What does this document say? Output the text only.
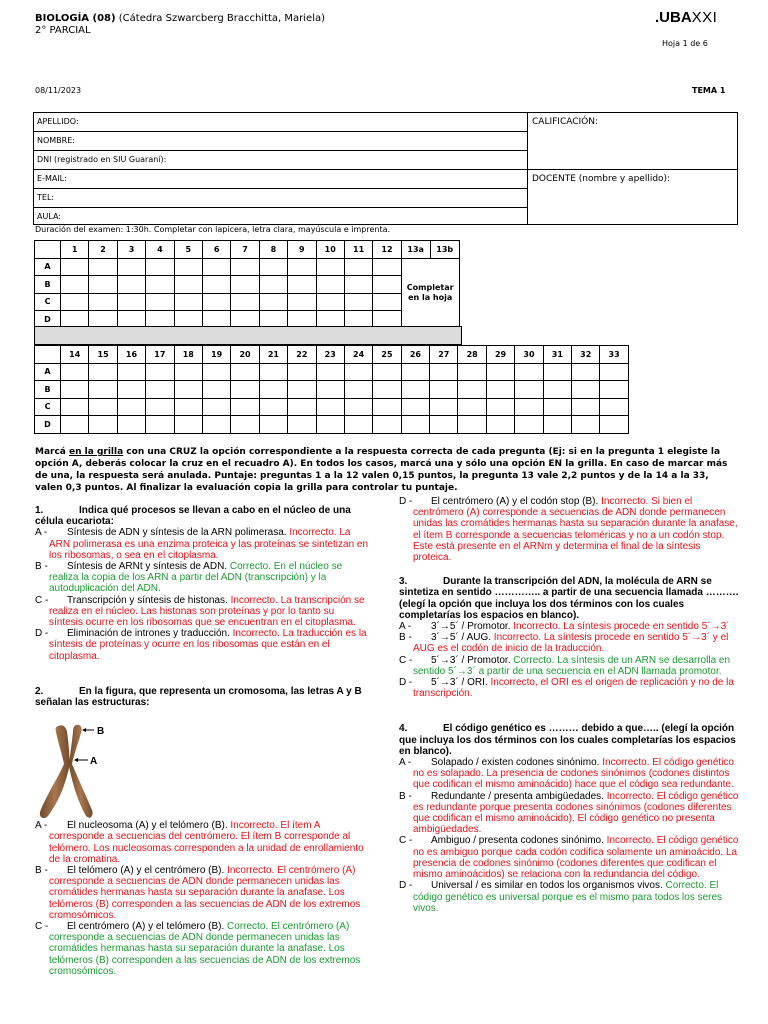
BIOLOGÍA (08) (Cátedra Szwarcberg Bracchitta, Mariela)
2° PARCIAL
.UBAXXI
Hoja 1 de 6
08/11/2023	TEMA 1
APELLIDO:
NOMBRE:
DNI (registrado en SIU Guaraní):
E-MAIL:
TEL:
AULA:
CALIFICACIÓN:
DOCENTE (nombre y apellido):
Duración del examen: 1:30h. Completar con lapicera, letra clara, mayúscula e imprenta.
	1	2	3	4	5	6	7	8	9	10	11	12	13a	13b
A													Completar en la hoja	
B														
C														
D														
	14	15	16	17	18	19	20	21	22	23	24	25	26	27	28	29	30	31	32	33
A																				
B																				
C																				
D																				
Marcá en la grilla con una CRUZ la opción correspondiente a la respuesta correcta de cada pregunta (Ej: si en la pregunta 1 elegiste la opción A, deberás colocar la cruz en el recuadro A). En todos los casos, marcá una y sólo una opción EN la grilla. En caso de marcar más de una, la respuesta será anulada. Puntaje: preguntas 1 a la 12 valen 0,15 puntos, la pregunta 13 vale 2,2 puntos y de la 14 a la 33, valen 0,3 puntos. Al finalizar la evaluación copia la grilla para controlar tu puntaje.
1.	Indica qué procesos se llevan a cabo en el núcleo de una célula eucariota:
A - Síntesis de ADN y síntesis de la ARN polimerasa. Incorrecto. La ARN polimerasa es una enzima proteica y las proteínas se sintetizan en los ribosomas, o sea en el citoplasma.
B - Síntesis de ARNt y síntesis de ADN. Correcto. En el núcleo se realiza la copia de los ARN a partir del ADN (transcripción) y la autoduplicación del ADN.
C - Transcripción y síntesis de histonas. Incorrecto. La transcripción se realiza en el núcleo. Las histonas son proteínas y por lo tanto su síntesis ocurre en los ribosomas que se encuentran en el citoplasma.
D - Eliminación de intrones y traducción. Incorrecto. La traducción es la síntesis de proteínas y ocurre en los ribosomas que están en el citoplasma.
2.	En la figura, que representa un cromosoma, las letras A y B señalan las estructuras:
A - El nucleosoma (A) y el telómero (B). Incorrecto. El ítem A corresponde a secuencias del centrómero. El ítem B corresponde al telómero. Los nucleosomas corresponden a la unidad de enrollamiento de la cromatina.
B - El telómero (A) y el centrómero (B). Incorrecto. El centrómero (A) corresponde a secuencias de ADN donde permanecen unidas las cromátides hermanas hasta su separación durante la anafase. Los telómeros (B) corresponden a las secuencias de ADN de los extremos cromosómicos.
C - El centrómero (A) y el telómero (B). Correcto. El centrómero (A) corresponde a secuencias de ADN donde permanecen unidas las cromátides hermanas hasta su separación durante la anafase. Los telómeros (B) corresponden a las secuencias de ADN de los extremos cromosómicos.
B
A
D - El centrómero (A) y el codón stop (B). Incorrecto. Si bien el centrómero (A) corresponde a secuencias de ADN donde permanecen unidas las cromátides hermanas hasta su separación durante la anafase, el ítem B corresponde a secuencias teloméricas y no a un codón stop. Este está presente en el ARNm y determina el final de la síntesis proteica.
3.	Durante la transcripción del ADN, la molécula de ARN se sintetiza en sentido ………….. a partir de una secuencia llamada ……….(elegí la opción que incluya los dos términos con los cuales completarías los espacios en blanco).
A - 3´→5´ / Promotor. Incorrecto. La síntesis procede en sentido 5´→3´
B - 3´→5´ / AUG. Incorrecto. La síntesis procede en sentido 5´→3´ y el AUG es el codón de inicio de la traducción.
C - 5´→3´ / Promotor. Correcto. La síntesis de un ARN se desarrolla en sentido 5´→3´ a partir de una secuencia en el ADN llamada promotor.
D - 5´→3´ / ORI. Incorrecto, el ORI es el origen de replicación y no de la transcripción.
4.	El código genético es ……… debido a que….. (elegí la opción que incluya los dos términos con los cuales completarías los espacios en blanco).
A - Solapado / existen codones sinónimo. Incorrecto. El código genético no es solapado. La presencia de codones sinónimos (codones distintos que codifican el mismo aminoácido) hace que el código sea redundante.
B - Redundante / presenta ambigüedades. Incorrecto. El código genético es redundante porque presenta codones sinónimos (codones diferentes que codifican el mismo aminoácido). El código genético no presenta ambigüedades.
C - Ambiguo / presenta codones sinónimo. Incorrecto. El código genético no es ambiguo porque cada codón codifica solamente un aminoácido. La presencia de codones sinónimo (codones diferentes que codifican el mismo aminoácidos) se relaciona con la redundancia del código.
D - Universal / es similar en todos los organismos vivos. Correcto. El código genético es universal porque es el mismo para todos los seres vivos.
